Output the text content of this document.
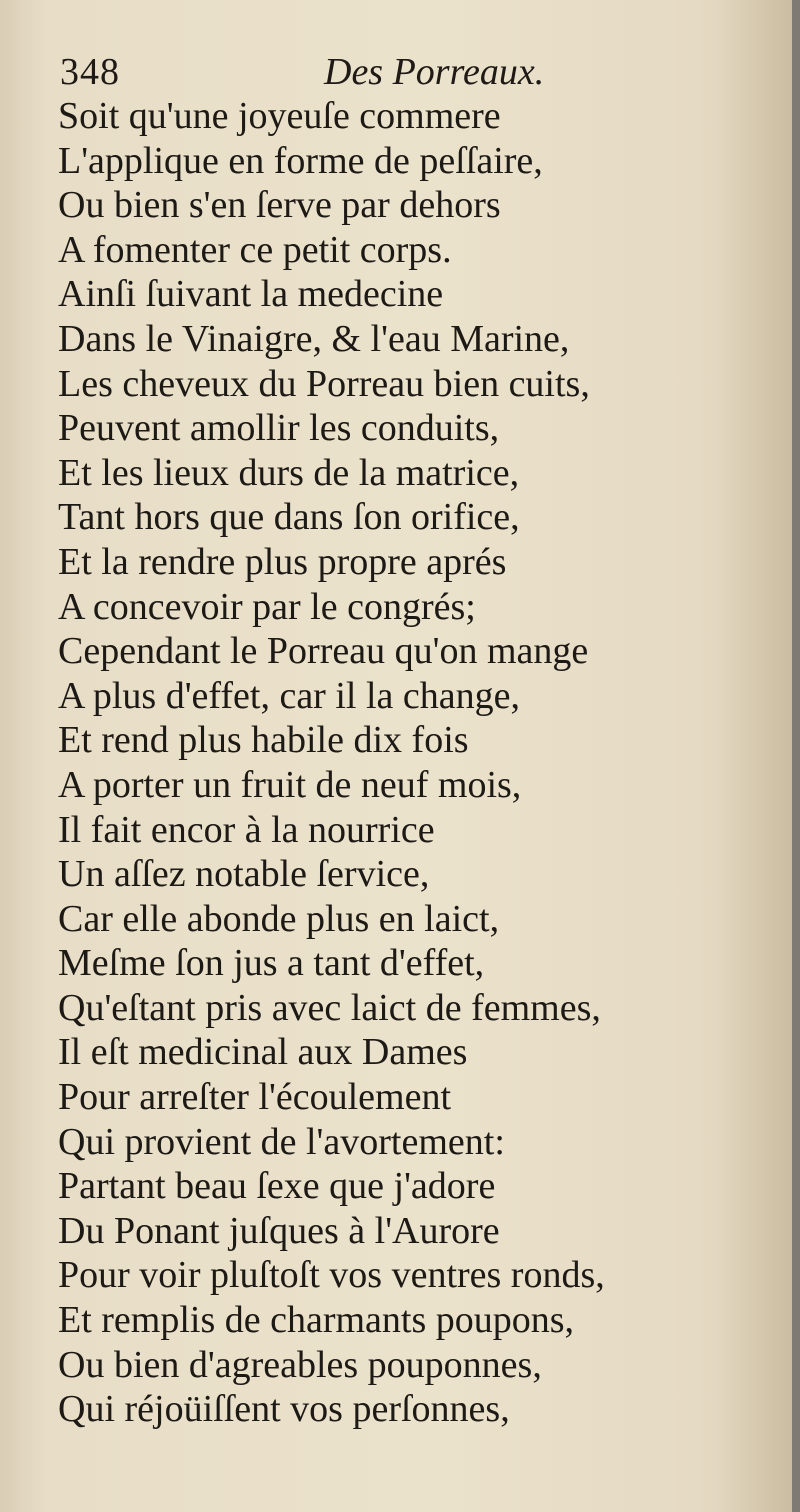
348	Des Porreaux.
Soit qu'une joyeuſe commere
L'applique en forme de peſſaire,
Ou bien s'en ſerve par dehors
A fomenter ce petit corps.
Ainſi ſuivant la medecine
Dans le Vinaigre, & l'eau Marine,
Les cheveux du Porreau bien cuits,
Peuvent amollir les conduits,
Et les lieux durs de la matrice,
Tant hors que dans ſon orifice,
Et la rendre plus propre aprés
A concevoir par le congrés;
Cependant le Porreau qu'on mange
A plus d'effet, car il la change,
Et rend plus habile dix fois
A porter un fruit de neuf mois,
Il fait encor à la nourrice
Un aſſez notable ſervice,
Car elle abonde plus en laict,
Meſme ſon jus a tant d'effet,
Qu'eſtant pris avec laict de femmes,
Il eſt medicinal aux Dames
Pour arreſter l'écoulement
Qui provient de l'avortement:
Partant beau ſexe que j'adore
Du Ponant juſques à l'Aurore
Pour voir pluſtoſt vos ventres ronds,
Et remplis de charmants poupons,
Ou bien d'agreables pouponnes,
Qui réjoüiſſent vos perſonnes,
